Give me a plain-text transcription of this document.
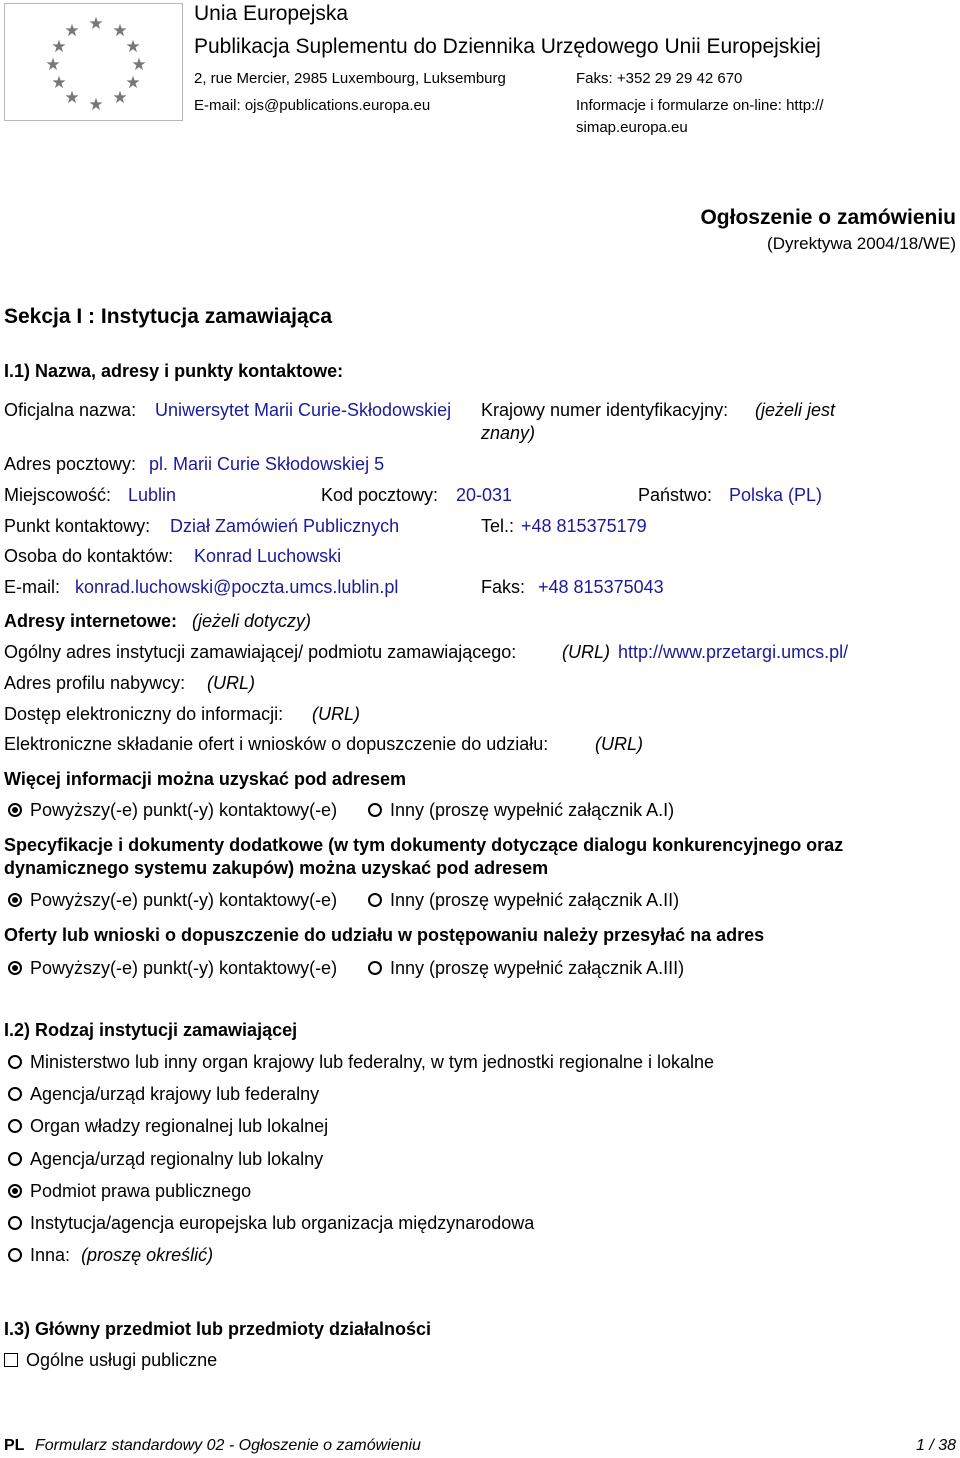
★ ★
★
★
★
★
★
★
★
★
★
★
Unia Europejska
Publikacja Suplementu do Dziennika Urzędowego Unii Europejskiej
2, rue Mercier, 2985 Luxembourg, Luksemburg	Faks: +352 29 29 42 670
E-mail: ojs@publications.europa.eu	Informacje i formularze on-line: http://
simap.europa.eu
Ogłoszenie o zamówieniu
(Dyrektywa 2004/18/WE)
Sekcja I : Instytucja zamawiająca
I.1) Nazwa, adresy i punkty kontaktowe:
Oficjalna nazwa: Uniwersytet Marii Curie-Skłodowskiej Krajowy numer identyfikacyjny: (jeżeli jest
znany)
Adres pocztowy: pl. Marii Curie Skłodowskiej 5
Miejscowość: Lublin	Kod pocztowy: 20-031	Państwo: Polska (PL)
Punkt kontaktowy: Dział Zamówień Publicznych	Tel.: +48 815375179
Osoba do kontaktów: Konrad Luchowski
E-mail: konrad.luchowski@poczta.umcs.lublin.pl	Faks: +48 815375043
Adresy internetowe: (jeżeli dotyczy)
Ogólny adres instytucji zamawiającej/ podmiotu zamawiającego:	(URL) http://www.przetargi.umcs.pl/
Adres profilu nabywcy: (URL)
Dostęp elektroniczny do informacji: (URL)
Elektroniczne składanie ofert i wniosków o dopuszczenie do udziału:	(URL)
Więcej informacji można uzyskać pod adresem
Powyższy(-e) punkt(-y) kontaktowy(-e)	Inny (proszę wypełnić załącznik A.I)
Specyfikacje i dokumenty dodatkowe (w tym dokumenty dotyczące dialogu konkurencyjnego oraz
dynamicznego systemu zakupów) można uzyskać pod adresem
Powyższy(-e) punkt(-y) kontaktowy(-e)	Inny (proszę wypełnić załącznik A.II)
Oferty lub wnioski o dopuszczenie do udziału w postępowaniu należy przesyłać na adres
Powyższy(-e) punkt(-y) kontaktowy(-e)	Inny (proszę wypełnić załącznik A.III)
I.2) Rodzaj instytucji zamawiającej
Ministerstwo lub inny organ krajowy lub federalny, w tym jednostki regionalne i lokalne
Agencja/urząd krajowy lub federalny
Organ władzy regionalnej lub lokalnej
Agencja/urząd regionalny lub lokalny
Podmiot prawa publicznego
Instytucja/agencja europejska lub organizacja międzynarodowa
Inna: (proszę określić)
I.3) Główny przedmiot lub przedmioty działalności
Ogólne usługi publiczne
PL Formularz standardowy 02 - Ogłoszenie o zamówieniu	1 / 38
